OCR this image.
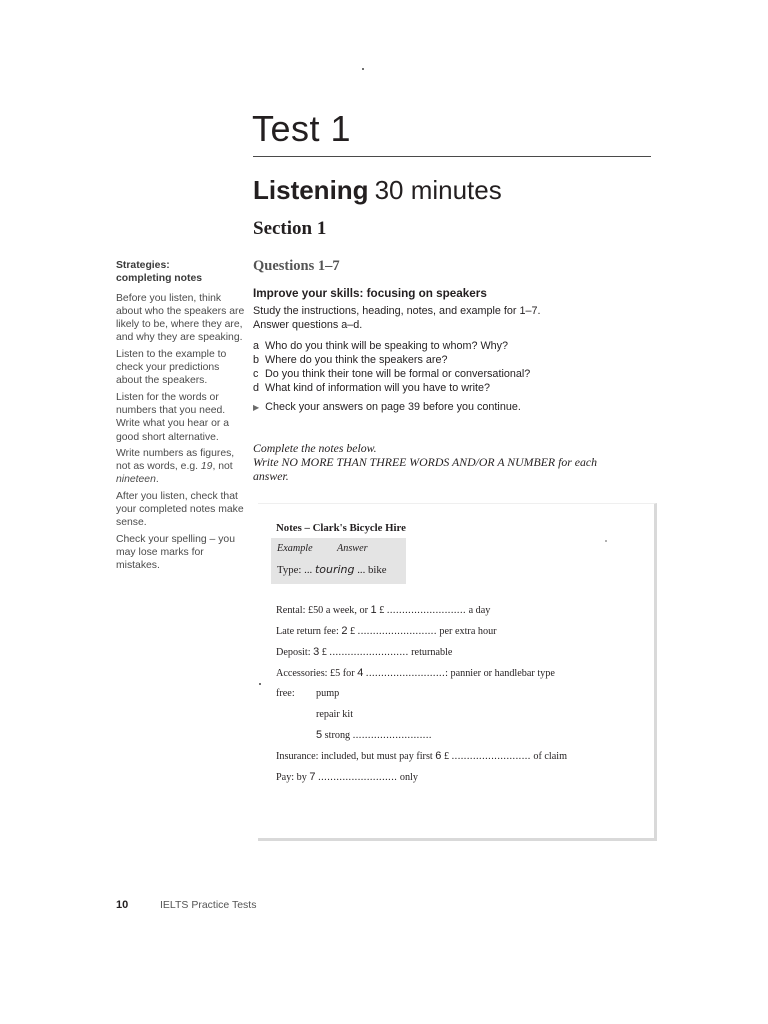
Test 1
Listening 30 minutes
Section 1
Questions 1–7
Strategies:
completing notes

Before you listen, think about who the speakers are likely to be, where they are, and why they are speaking.

Listen to the example to check your predictions about the speakers.

Listen for the words or numbers that you need. Write what you hear or a good short alternative.

Write numbers as figures, not as words, e.g. 19, not nineteen.

After you listen, check that your completed notes make sense.

Check your spelling – you may lose marks for mistakes.

Improve your skills: focusing on speakers
Study the instructions, heading, notes, and example for 1–7.
Answer questions a–d.
a Who do you think will be speaking to whom? Why?
b Where do you think the speakers are?
c Do you think their tone will be formal or conversational?
d What kind of information will you have to write?
▶ Check your answers on page 39 before you continue.
Complete the notes below.
Write NO MORE THAN THREE WORDS AND/OR A NUMBER for each answer.
Notes – Clark's Bicycle Hire
Example Answer
Type: ... touring ... bike
Rental: £50 a week, or 1 £ .......................... a day
Late return fee: 2 £ .......................... per extra hour
Deposit: 3 £ .......................... returnable
Accessories: £5 for 4 ..........................: pannier or handlebar type
free: pump
repair kit
5 strong ..........................
Insurance: included, but must pay first 6 £ .......................... of claim
Pay: by 7 .......................... only
10	IELTS Practice Tests
